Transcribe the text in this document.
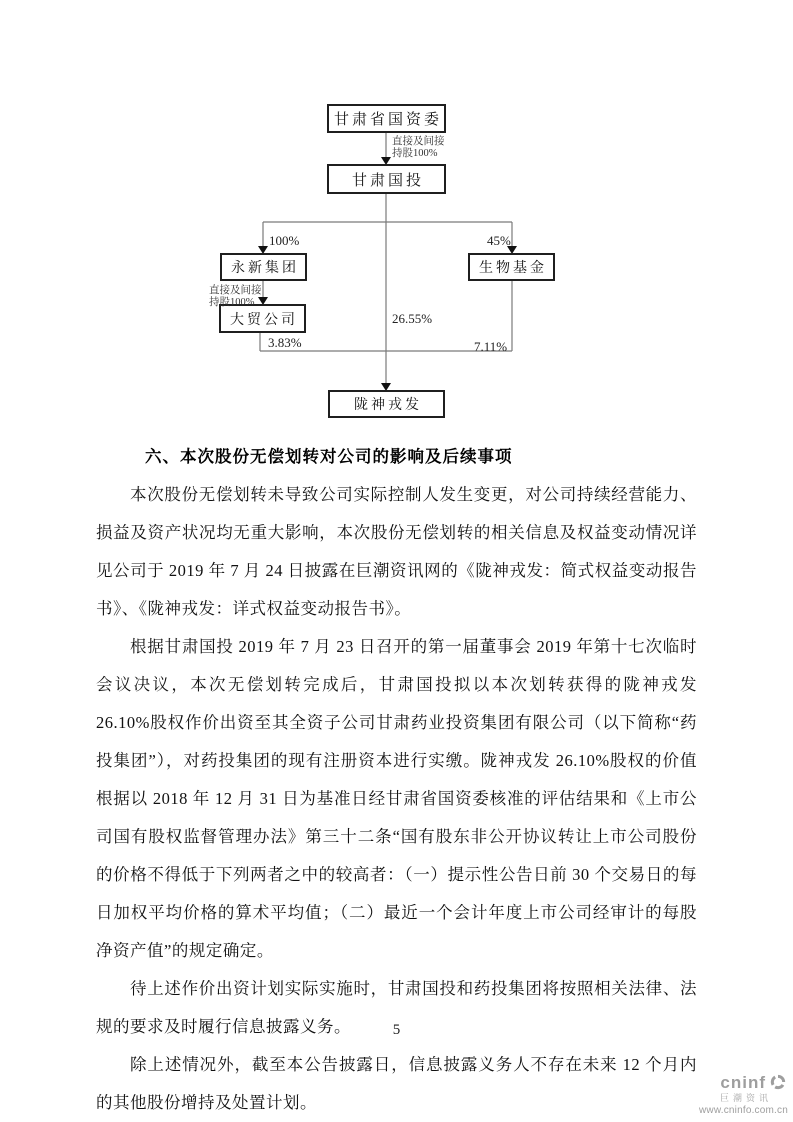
甘肃省国资委
甘肃国投
永新集团	生物基金
大贸公司
陇神戎发
直接及间接
持股100%
100%	45%
直接及间接
持股100%
26.55%
3.83%	7.11%
六、本次股份无偿划转对公司的影响及后续事项

本次股份无偿划转未导致公司实际控制人发生变更，对公司持续经营能力、损益及资产状况均无重大影响，本次股份无偿划转的相关信息及权益变动情况详见公司于 2019 年 7 月 24 日披露在巨潮资讯网的《陇神戎发：简式权益变动报告书》、《陇神戎发：详式权益变动报告书》。

根据甘肃国投 2019 年 7 月 23 日召开的第一届董事会 2019 年第十七次临时会议决议，本次无偿划转完成后，甘肃国投拟以本次划转获得的陇神戎发 26.10%股权作价出资至其全资子公司甘肃药业投资集团有限公司（以下简称“药投集团”），对药投集团的现有注册资本进行实缴。陇神戎发 26.10%股权的价值根据以 2018 年 12 月 31 日为基准日经甘肃省国资委核准的评估结果和《上市公司国有股权监督管理办法》第三十二条“国有股东非公开协议转让上市公司股份的价格不得低于下列两者之中的较高者：（一）提示性公告日前 30 个交易日的每日加权平均价格的算术平均值；（二）最近一个会计年度上市公司经审计的每股净资产值”的规定确定。

待上述作价出资计划实际实施时，甘肃国投和药投集团将按照相关法律、法规的要求及时履行信息披露义务。

除上述情况外，截至本公告披露日，信息披露义务人不存在未来 12 个月内的其他股份增持及处置计划。

5
cninf
巨潮资讯
www.cninfo.com.cn
